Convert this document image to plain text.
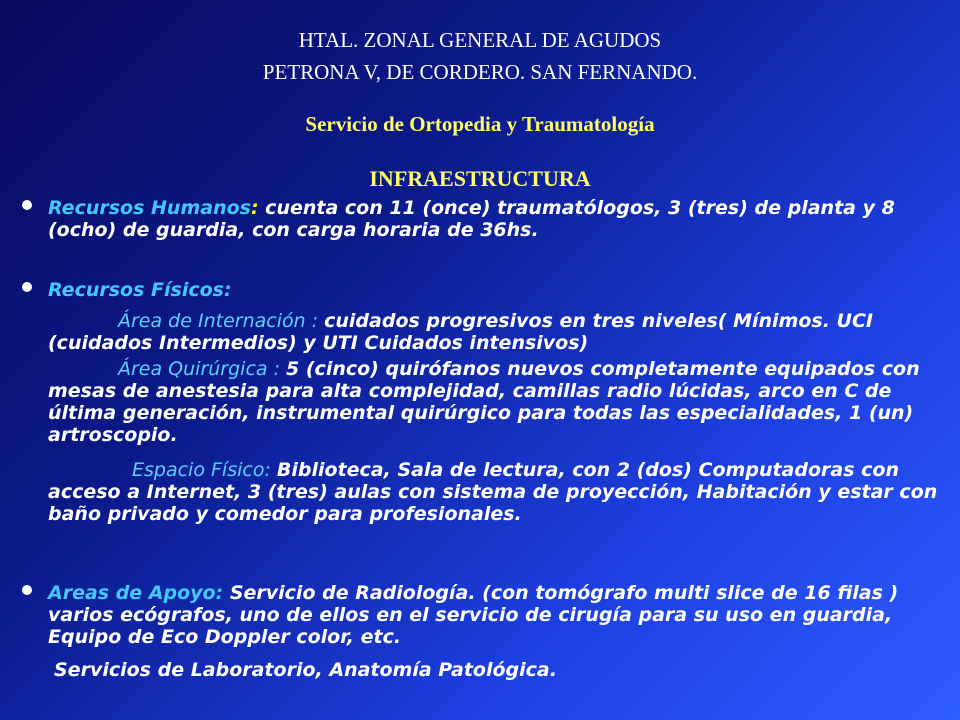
HTAL. ZONAL GENERAL DE AGUDOS
PETRONA V, DE CORDERO. SAN FERNANDO.
Servicio de Ortopedia y Traumatología
INFRAESTRUCTURA

Recursos Humanos: cuenta con 11 (once) traumatólogos, 3 (tres) de planta y 8 (ocho) de guardia, con carga horaria de 36hs.

Recursos Físicos:

Área de Internación : cuidados progresivos en tres niveles( Mínimos. UCI (cuidados Intermedios) y UTI Cuidados intensivos)

Área Quirúrgica : 5 (cinco) quirófanos nuevos completamente equipados con mesas de anestesia para alta complejidad, camillas radio lúcidas, arco en C de última generación, instrumental quirúrgico para todas las especialidades, 1 (un) artroscopio.

Espacio Físico: Biblioteca, Sala de lectura, con 2 (dos) Computadoras con acceso a Internet, 3 (tres) aulas con sistema de proyección, Habitación y estar con baño privado y comedor para profesionales.

Areas de Apoyo: Servicio de Radiología. (con tomógrafo multi slice de 16 filas ) varios ecógrafos, uno de ellos en el servicio de cirugía para su uso en guardia, Equipo de Eco Doppler color, etc.

Servicios de Laboratorio, Anatomía Patológica.
